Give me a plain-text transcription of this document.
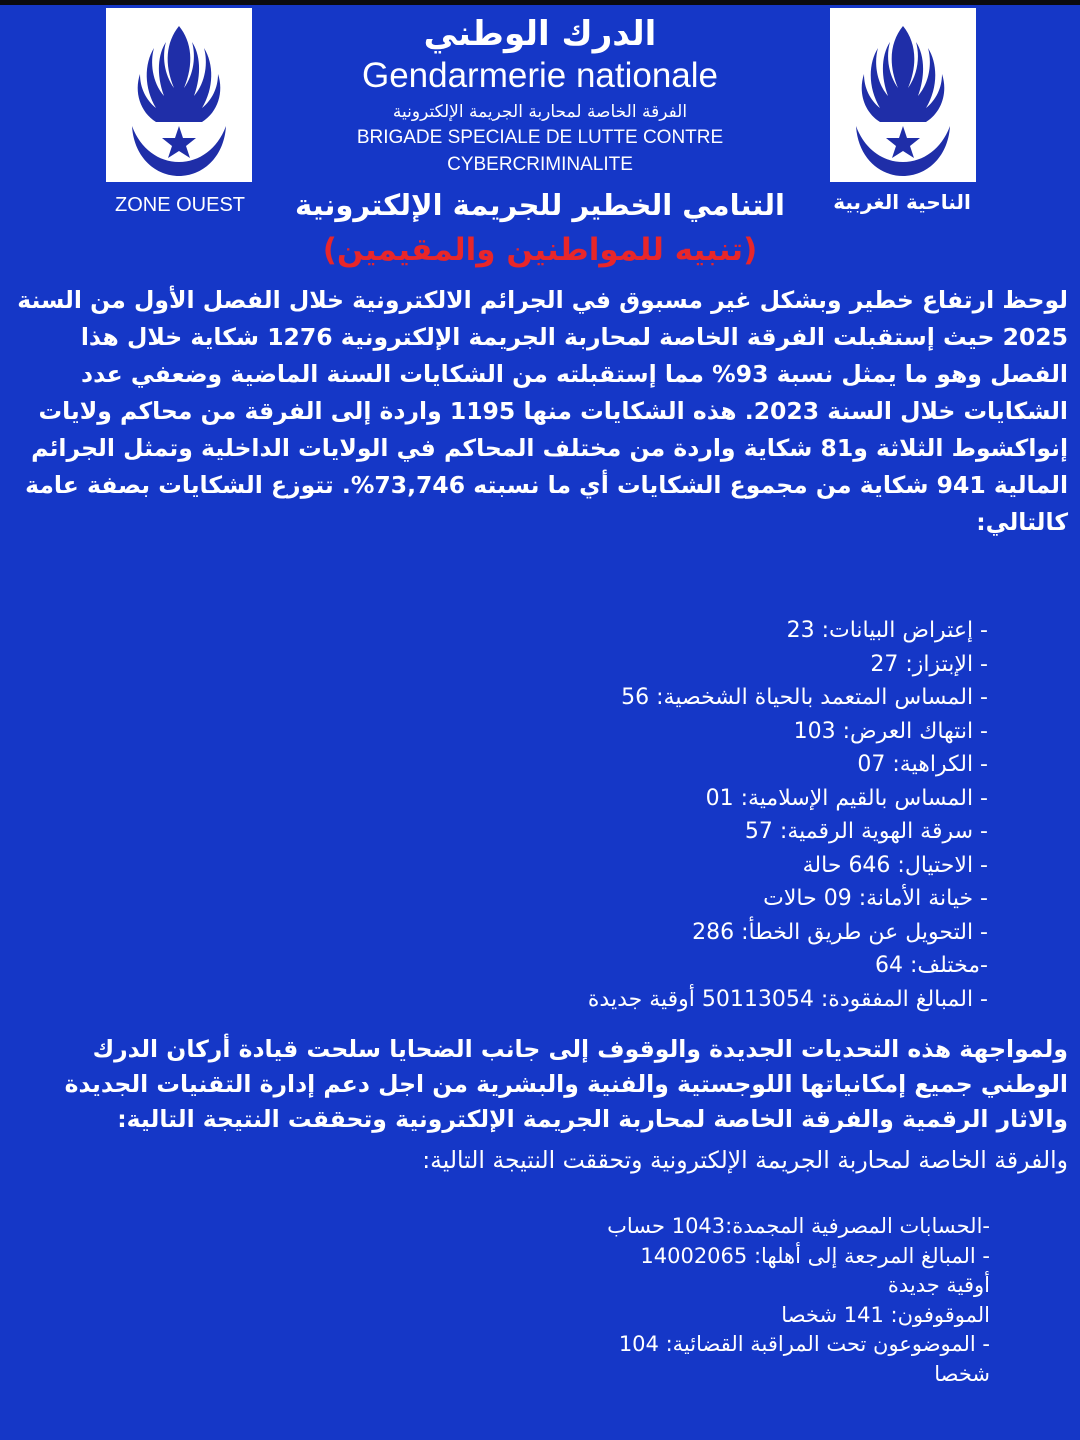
الدرك الوطني
Gendarmerie nationale
الفرقة الخاصة لمحاربة الجريمة الإلكترونية
BRIGADE SPECIALE DE LUTTE CONTRE
CYBERCRIMINALITE
ZONE OUEST	الناحية الغربية
التنامي الخطير للجريمة الإلكترونية
(تنبيه للمواطنين والمقيمين)
لوحظ ارتفاع خطير وبشكل غير مسبوق في الجرائم الالكترونية خلال الفصل الأول من السنة 2025 حيث إستقبلت الفرقة الخاصة لمحاربة الجريمة الإلكترونية 1276 شكاية خلال هذا الفصل وهو ما يمثل نسبة 93% مما إستقبلته من الشكايات السنة الماضية وضعفي عدد الشكايات خلال السنة 2023. هذه الشكايات منها 1195 واردة إلى الفرقة من محاكم ولايات إنواكشوط الثلاثة و81 شكاية واردة من مختلف المحاكم في الولايات الداخلية وتمثل الجرائم المالية 941 شكاية من مجموع الشكايات أي ما نسبته 73,746%. تتوزع الشكايات بصفة عامة كالتالي:
- إعتراض البيانات: 23
- الإبتزاز: 27
- المساس المتعمد بالحياة الشخصية: 56
- انتهاك العرض: 103
- الكراهية: 07
- المساس بالقيم الإسلامية: 01
- سرقة الهوية الرقمية: 57
- الاحتيال: 646 حالة
- خيانة الأمانة: 09 حالات
- التحويل عن طريق الخطأ: 286
-مختلف: 64
- المبالغ المفقودة: 50113054 أوقية جديدة
ولمواجهة هذه التحديات الجديدة والوقوف إلى جانب الضحايا سلحت قيادة أركان الدرك الوطني جميع إمكانياتها اللوجستية والفنية والبشرية من اجل دعم إدارة التقنيات الجديدة والاثار الرقمية والفرقة الخاصة لمحاربة الجريمة الإلكترونية وتحققت النتيجة التالية:
والفرقة الخاصة لمحاربة الجريمة الإلكترونية وتحققت النتيجة التالية:
-الحسابات المصرفية المجمدة:1043 حساب
- المبالغ المرجعة إلى أهلها: 14002065 أوقية جديدة
الموقوفون: 141 شخصا
- الموضوعون تحت المراقبة القضائية: 104 شخصا
